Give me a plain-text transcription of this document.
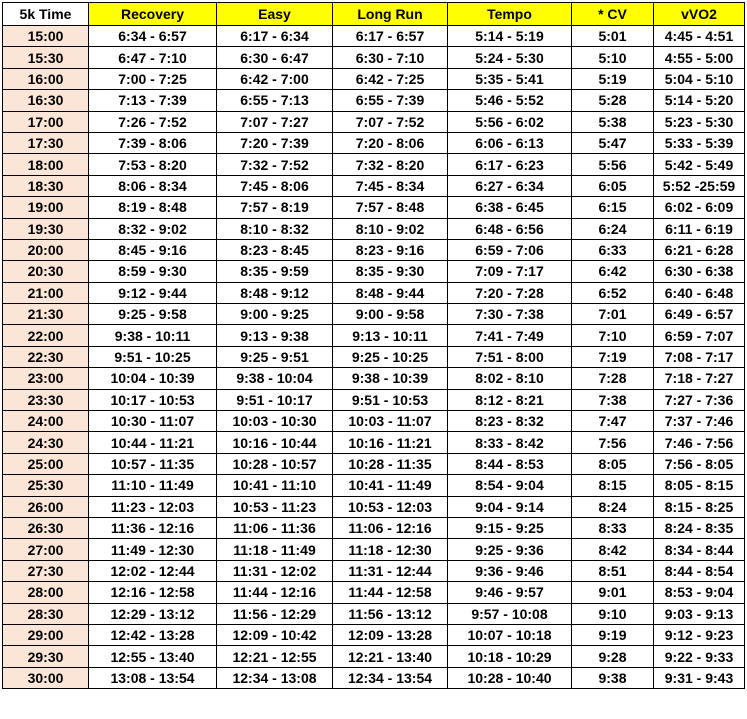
5k Time	Recovery	Easy	Long Run	Tempo	* CV	vVO2
15:00	6:34 - 6:57	6:17 - 6:34	6:17 - 6:57	5:14 - 5:19	5:01	4:45 - 4:51
15:30	6:47 - 7:10	6:30 - 6:47	6:30 - 7:10	5:24 - 5:30	5:10	4:55 - 5:00
16:00	7:00 - 7:25	6:42 - 7:00	6:42 - 7:25	5:35 - 5:41	5:19	5:04 - 5:10
16:30	7:13 - 7:39	6:55 - 7:13	6:55 - 7:39	5:46 - 5:52	5:28	5:14 - 5:20
17:00	7:26 - 7:52	7:07 - 7:27	7:07 - 7:52	5:56 - 6:02	5:38	5:23 - 5:30
17:30	7:39 - 8:06	7:20 - 7:39	7:20 - 8:06	6:06 - 6:13	5:47	5:33 - 5:39
18:00	7:53 - 8:20	7:32 - 7:52	7:32 - 8:20	6:17 - 6:23	5:56	5:42 - 5:49
18:30	8:06 - 8:34	7:45 - 8:06	7:45 - 8:34	6:27 - 6:34	6:05	5:52 -25:59
19:00	8:19 - 8:48	7:57 - 8:19	7:57 - 8:48	6:38 - 6:45	6:15	6:02 - 6:09
19:30	8:32 - 9:02	8:10 - 8:32	8:10 - 9:02	6:48 - 6:56	6:24	6:11 - 6:19
20:00	8:45 - 9:16	8:23 - 8:45	8:23 - 9:16	6:59 - 7:06	6:33	6:21 - 6:28
20:30	8:59 - 9:30	8:35 - 9:59	8:35 - 9:30	7:09 - 7:17	6:42	6:30 - 6:38
21:00	9:12 - 9:44	8:48 - 9:12	8:48 - 9:44	7:20 - 7:28	6:52	6:40 - 6:48
21:30	9:25 - 9:58	9:00 - 9:25	9:00 - 9:58	7:30 - 7:38	7:01	6:49 - 6:57
22:00	9:38 - 10:11	9:13 - 9:38	9:13 - 10:11	7:41 - 7:49	7:10	6:59 - 7:07
22:30	9:51 - 10:25	9:25 - 9:51	9:25 - 10:25	7:51 - 8:00	7:19	7:08 - 7:17
23:00	10:04 - 10:39	9:38 - 10:04	9:38 - 10:39	8:02 - 8:10	7:28	7:18 - 7:27
23:30	10:17 - 10:53	9:51 - 10:17	9:51 - 10:53	8:12 - 8:21	7:38	7:27 - 7:36
24:00	10:30 - 11:07	10:03 - 10:30	10:03 - 11:07	8:23 - 8:32	7:47	7:37 - 7:46
24:30	10:44 - 11:21	10:16 - 10:44	10:16 - 11:21	8:33 - 8:42	7:56	7:46 - 7:56
25:00	10:57 - 11:35	10:28 - 10:57	10:28 - 11:35	8:44 - 8:53	8:05	7:56 - 8:05
25:30	11:10 - 11:49	10:41 - 11:10	10:41 - 11:49	8:54 - 9:04	8:15	8:05 - 8:15
26:00	11:23 - 12:03	10:53 - 11:23	10:53 - 12:03	9:04 - 9:14	8:24	8:15 - 8:25
26:30	11:36 - 12:16	11:06 - 11:36	11:06 - 12:16	9:15 - 9:25	8:33	8:24 - 8:35
27:00	11:49 - 12:30	11:18 - 11:49	11:18 - 12:30	9:25 - 9:36	8:42	8:34 - 8:44
27:30	12:02 - 12:44	11:31 - 12:02	11:31 - 12:44	9:36 - 9:46	8:51	8:44 - 8:54
28:00	12:16 - 12:58	11:44 - 12:16	11:44 - 12:58	9:46 - 9:57	9:01	8:53 - 9:04
28:30	12:29 - 13:12	11:56 - 12:29	11:56 - 13:12	9:57 - 10:08	9:10	9:03 - 9:13
29:00	12:42 - 13:28	12:09 - 10:42	12:09 - 13:28	10:07 - 10:18	9:19	9:12 - 9:23
29:30	12:55 - 13:40	12:21 - 12:55	12:21 - 13:40	10:18 - 10:29	9:28	9:22 - 9:33
30:00	13:08 - 13:54	12:34 - 13:08	12:34 - 13:54	10:28 - 10:40	9:38	9:31 - 9:43
